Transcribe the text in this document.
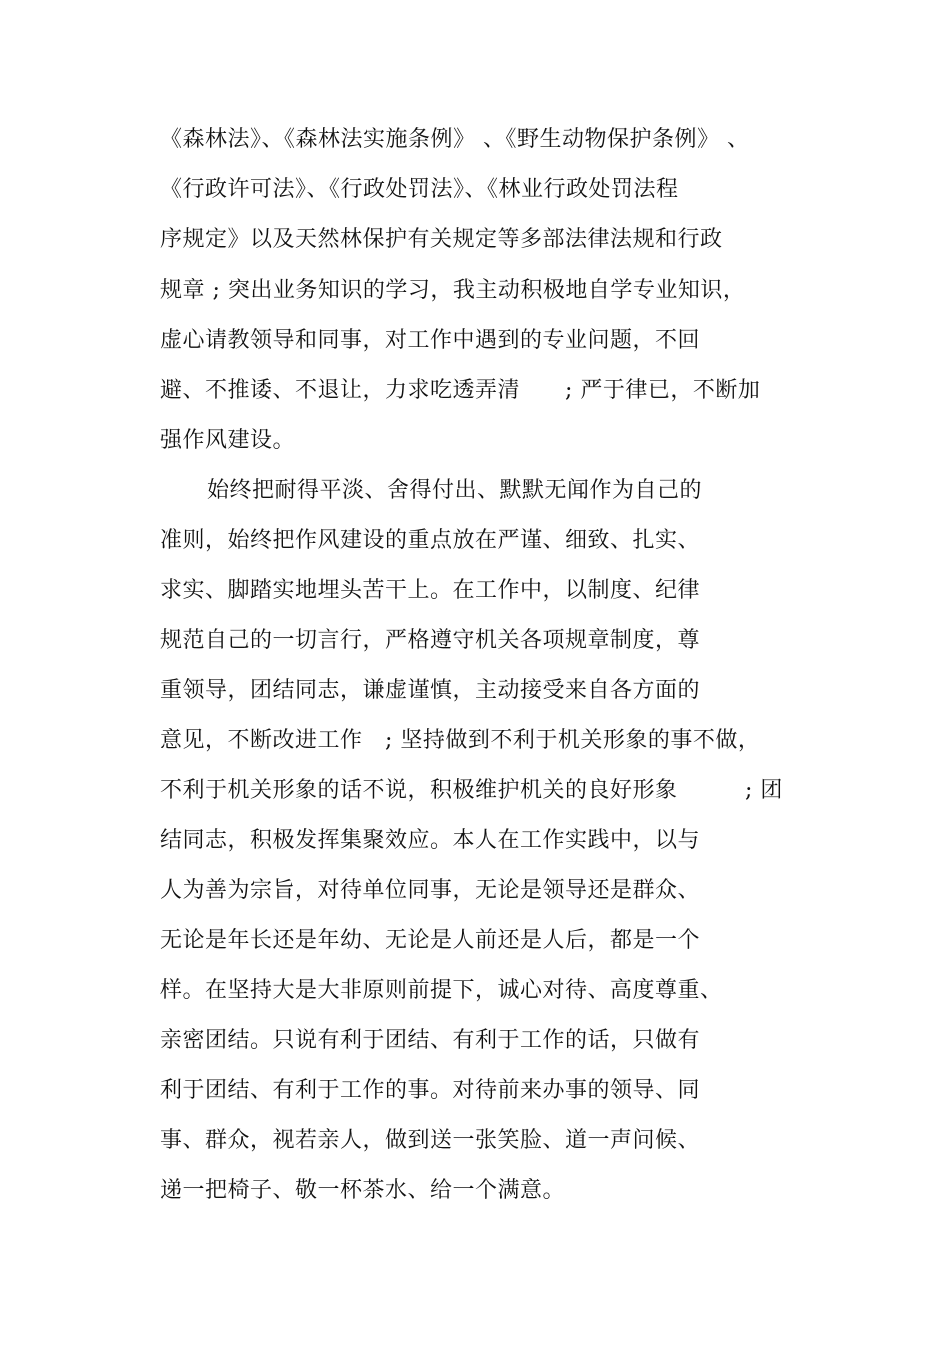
《森林法》、《森林法实施条例》 、《野生动物保护条例》 、
《行政许可法》、《行政处罚法》、《林业行政处罚法程
序规定》以及天然林保护有关规定等多部法律法规和行政
规章 ; 突出业务知识的学习，我主动积极地自学专业知识，
虚心请教领导和同事，对工作中遇到的专业问题，不回
避、不推诿、不退让，力求吃透弄清　　; 严于律已，不断加
强作风建设。
　　始终把耐得平淡、舍得付出、默默无闻作为自己的
准则，始终把作风建设的重点放在严谨、细致、扎实、
求实、脚踏实地埋头苦干上。在工作中，以制度、纪律
规范自己的一切言行，严格遵守机关各项规章制度，尊
重领导，团结同志，谦虚谨慎，主动接受来自各方面的
意见，不断改进工作　; 坚持做到不利于机关形象的事不做，
不利于机关形象的话不说，积极维护机关的良好形象　　　; 团
结同志，积极发挥集聚效应。本人在工作实践中，以与
人为善为宗旨，对待单位同事，无论是领导还是群众、
无论是年长还是年幼、无论是人前还是人后，都是一个
样。在坚持大是大非原则前提下，诚心对待、高度尊重、
亲密团结。只说有利于团结、有利于工作的话，只做有
利于团结、有利于工作的事。对待前来办事的领导、同
事、群众，视若亲人，做到送一张笑脸、道一声问候、
递一把椅子、敬一杯茶水、给一个满意。
